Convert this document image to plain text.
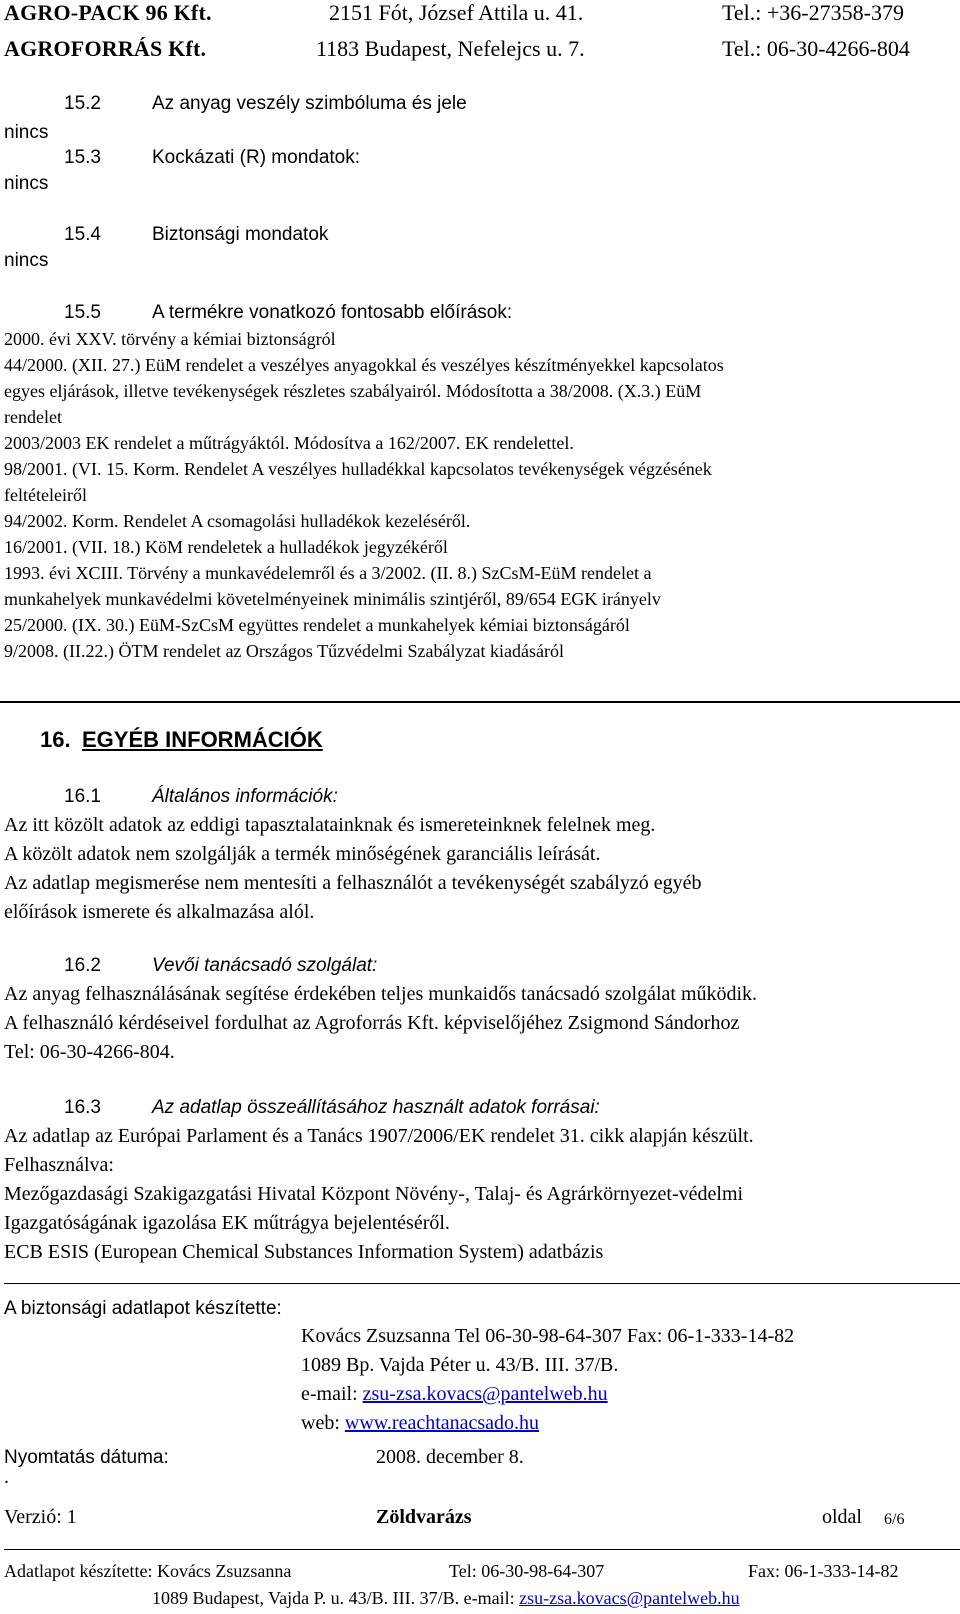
AGRO-PACK 96 Kft.	2151 Fót, József Attila u. 41.	Tel.: +36-27358-379
AGROFORRÁS Kft.	1183 Budapest, Nefelejcs u. 7.	Tel.: 06-30-4266-804
15.2	Az anyag veszély szimbóluma és jele
nincs
15.3	Kockázati (R) mondatok:
nincs
15.4	Biztonsági mondatok
nincs
15.5	A termékre vonatkozó fontosabb előírások:
2000. évi XXV. törvény a kémiai biztonságról
44/2000. (XII. 27.) EüM rendelet a veszélyes anyagokkal és veszélyes készítményekkel kapcsolatos
egyes eljárások, illetve tevékenységek részletes szabályairól. Módosította a 38/2008. (X.3.) EüM
rendelet
2003/2003 EK rendelet a műtrágyáktól. Módosítva a 162/2007. EK rendelettel.
98/2001. (VI. 15. Korm. Rendelet A veszélyes hulladékkal kapcsolatos tevékenységek végzésének
feltételeiről
94/2002. Korm. Rendelet A csomagolási hulladékok kezeléséről.
16/2001. (VII. 18.) KöM rendeletek a hulladékok jegyzékéről
1993. évi XCIII. Törvény a munkavédelemről és a 3/2002. (II. 8.) SzCsM-EüM rendelet a
munkahelyek munkavédelmi követelményeinek minimális szintjéről, 89/654 EGK irányelv
25/2000. (IX. 30.) EüM-SzCsM együttes rendelet a munkahelyek kémiai biztonságáról
9/2008. (II.22.) ÖTM rendelet az Országos Tűzvédelmi Szabályzat kiadásáról
16. EGYÉB INFORMÁCIÓK
16.1	Általános információk:
Az itt közölt adatok az eddigi tapasztalatainknak és ismereteinknek felelnek meg.
A közölt adatok nem szolgálják a termék minőségének garanciális leírását.
Az adatlap megismerése nem mentesíti a felhasználót a tevékenységét szabályzó egyéb
előírások ismerete és alkalmazása alól.
16.2	Vevői tanácsadó szolgálat:
Az anyag felhasználásának segítése érdekében teljes munkaidős tanácsadó szolgálat működik.
A felhasználó kérdéseivel fordulhat az Agroforrás Kft. képviselőjéhez Zsigmond Sándorhoz
Tel: 06-30-4266-804.
16.3	Az adatlap összeállításához használt adatok forrásai:
Az adatlap az Európai Parlament és a Tanács 1907/2006/EK rendelet 31. cikk alapján készült.
Felhasználva:
Mezőgazdasági Szakigazgatási Hivatal Központ Növény-, Talaj- és Agrárkörnyezet-védelmi
Igazgatóságának igazolása EK műtrágya bejelentéséről.
ECB ESIS (European Chemical Substances Information System) adatbázis
A biztonsági adatlapot készítette:
Kovács Zsuzsanna Tel 06-30-98-64-307 Fax: 06-1-333-14-82
1089 Bp. Vajda Péter u. 43/B. III. 37/B.
e-mail: zsu-zsa.kovacs@pantelweb.hu
web: www.reachtanacsado.hu
Nyomtatás dátuma:	2008. december 8.
.
Verzió: 1	Zöldvarázs	oldal 6/6
Adatlapot készítette: Kovács Zsuzsanna	Tel: 06-30-98-64-307	Fax: 06-1-333-14-82
1089 Budapest, Vajda P. u. 43/B. III. 37/B. e-mail: zsu-zsa.kovacs@pantelweb.hu
